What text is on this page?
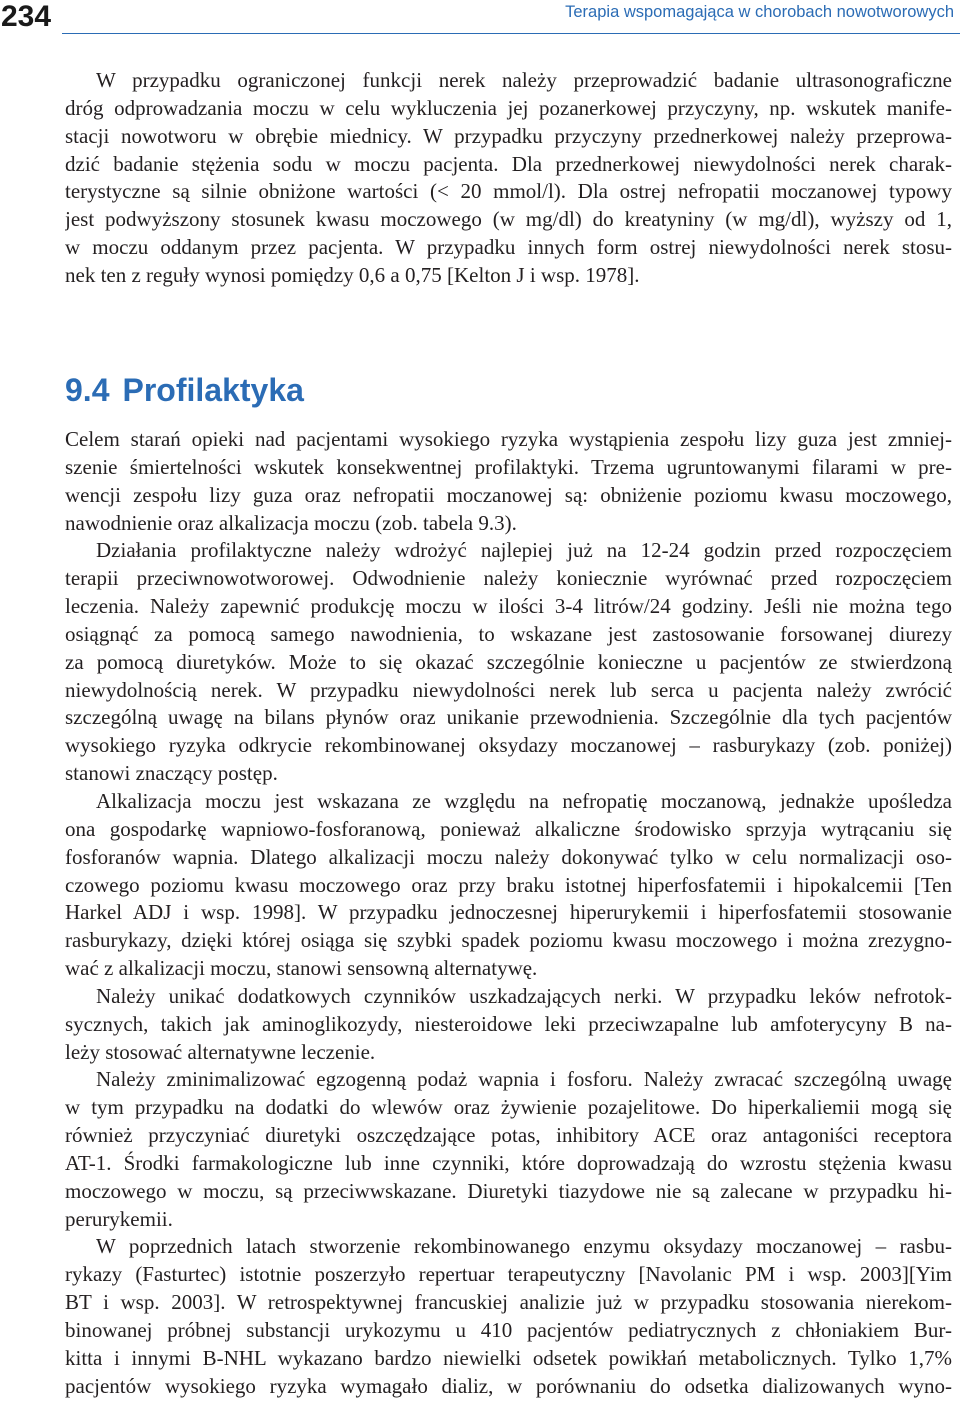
234	Terapia wspomagająca w chorobach nowotworowych
W przypadku ograniczonej funkcji nerek należy przeprowadzić badanie ultrasonograficzne
dróg odprowadzania moczu w celu wykluczenia jej pozanerkowej przyczyny, np. wskutek manife-
stacji nowotworu w obrębie miednicy. W przypadku przyczyny przednerkowej należy przeprowa-
dzić badanie stężenia sodu w moczu pacjenta. Dla przednerkowej niewydolności nerek charak-
terystyczne są silnie obniżone wartości (< 20 mmol/l). Dla ostrej nefropatii moczanowej typowy
jest podwyższony stosunek kwasu moczowego (w mg/dl) do kreatyniny (w mg/dl), wyższy od 1,
w moczu oddanym przez pacjenta. W przypadku innych form ostrej niewydolności nerek stosu-
nek ten z reguły wynosi pomiędzy 0,6 a 0,75 [Kelton J i wsp. 1978].
9.4 Profilaktyka
Celem starań opieki nad pacjentami wysokiego ryzyka wystąpienia zespołu lizy guza jest zmniej-
szenie śmiertelności wskutek konsekwentnej profilaktyki. Trzema ugruntowanymi filarami w pre-
wencji zespołu lizy guza oraz nefropatii moczanowej są: obniżenie poziomu kwasu moczowego,
nawodnienie oraz alkalizacja moczu (zob. tabela 9.3).
Działania profilaktyczne należy wdrożyć najlepiej już na 12-24 godzin przed rozpoczęciem
terapii przeciwnowotworowej. Odwodnienie należy koniecznie wyrównać przed rozpoczęciem
leczenia. Należy zapewnić produkcję moczu w ilości 3-4 litrów/24 godziny. Jeśli nie można tego
osiągnąć za pomocą samego nawodnienia, to wskazane jest zastosowanie forsowanej diurezy
za pomocą diuretyków. Może to się okazać szczególnie konieczne u pacjentów ze stwierdzoną
niewydolnością nerek. W przypadku niewydolności nerek lub serca u pacjenta należy zwrócić
szczególną uwagę na bilans płynów oraz unikanie przewodnienia. Szczególnie dla tych pacjentów
wysokiego ryzyka odkrycie rekombinowanej oksydazy moczanowej – rasburykazy (zob. poniżej)
stanowi znaczący postęp.
Alkalizacja moczu jest wskazana ze względu na nefropatię moczanową, jednakże upośledza
ona gospodarkę wapniowo-fosforanową, ponieważ alkaliczne środowisko sprzyja wytrącaniu się
fosforanów wapnia. Dlatego alkalizacji moczu należy dokonywać tylko w celu normalizacji oso-
czowego poziomu kwasu moczowego oraz przy braku istotnej hiperfosfatemii i hipokalcemii [Ten
Harkel ADJ i wsp. 1998]. W przypadku jednoczesnej hiperurykemii i hiperfosfatemii stosowanie
rasburykazy, dzięki której osiąga się szybki spadek poziomu kwasu moczowego i można zrezygno-
wać z alkalizacji moczu, stanowi sensowną alternatywę.
Należy unikać dodatkowych czynników uszkadzających nerki. W przypadku leków nefrotok-
sycznych, takich jak aminoglikozydy, niesteroidowe leki przeciwzapalne lub amfoterycyny B na-
leży stosować alternatywne leczenie.
Należy zminimalizować egzogenną podaż wapnia i fosforu. Należy zwracać szczególną uwagę
w tym przypadku na dodatki do wlewów oraz żywienie pozajelitowe. Do hiperkaliemii mogą się
również przyczyniać diuretyki oszczędzające potas, inhibitory ACE oraz antagoniści receptora
AT-1. Środki farmakologiczne lub inne czynniki, które doprowadzają do wzrostu stężenia kwasu
moczowego w moczu, są przeciwwskazane. Diuretyki tiazydowe nie są zalecane w przypadku hi-
perurykemii.
W poprzednich latach stworzenie rekombinowanego enzymu oksydazy moczanowej – rasbu-
rykazy (Fasturtec) istotnie poszerzyło repertuar terapeutyczny [Navolanic PM i wsp. 2003][Yim
BT i wsp. 2003]. W retrospektywnej francuskiej analizie już w przypadku stosowania nierekom-
binowanej próbnej substancji urykozymu u 410 pacjentów pediatrycznych z chłoniakiem Bur-
kitta i innymi B-NHL wykazano bardzo niewielki odsetek powikłań metabolicznych. Tylko 1,7%
pacjentów wysokiego ryzyka wymagało dializ, w porównaniu do odsetka dializowanych wyno-
